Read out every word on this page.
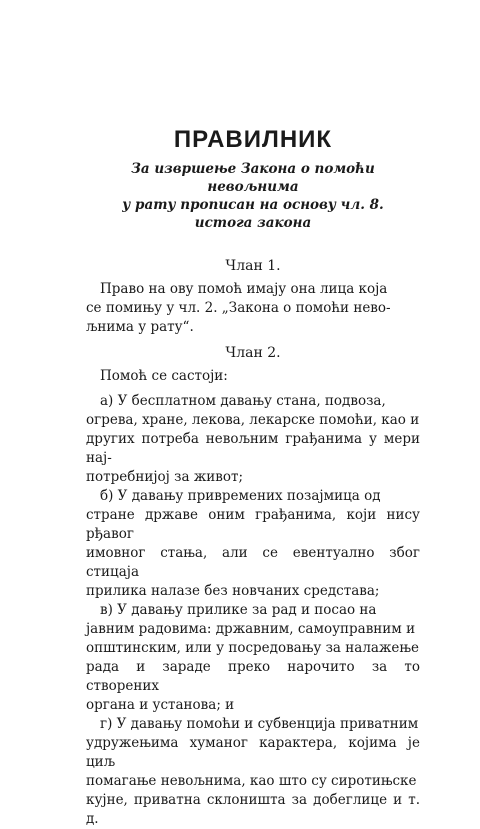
ПРАВИЛНИК
За извршење Закона о помоћи невољнима
у рату прописан на основу чл. 8.
истога закона
Члан 1.

Право на ову помоћ имају она лица која
се помињу у чл. 2. „Закона о помоћи нево-
љнима у рату“.

Члан 2.

Помоћ се састоји:

а) У бесплатном давању стана, подвоза,
огрева, хране, лекова, лекарске помоћи, као и
других потреба невољним грађанима у мери нај-
потребнијој за живот;

б) У давању привремених позајмица од
стране државе оним грађанима, који нису рђавог
имовног стања, али се евентуално због стицаја
прилика налазе без новчаних средстава;

в) У давању прилике за рад и посао на
јавним радовима: државним, самоуправним и
општинским, или у посредовању за налажење
рада и зараде преко нарочито за то створених
органа и установа; и

г) У давању помоћи и субвенција приватним
удружењима хуманог карактера, којима је циљ
помагање невољнима, као што су сиротињске
кујне, приватна склоништа за добеглице и т. д.
